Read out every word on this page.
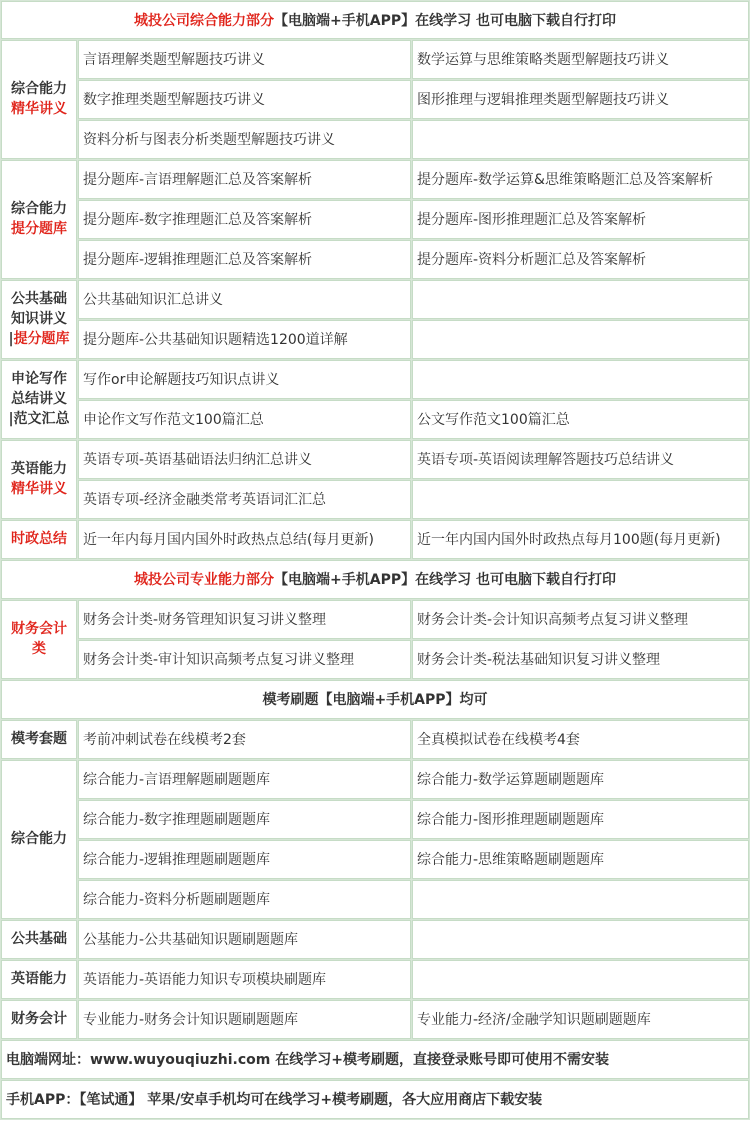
城投公司综合能力部分【电脑端+手机APP】在线学习 也可电脑下载自行打印		
综合能力
精华讲义	言语理解类题型解题技巧讲义	数学运算与思维策略类题型解题技巧讲义
	数字推理类题型解题技巧讲义	图形推理与逻辑推理类题型解题技巧讲义
	资料分析与图表分析类题型解题技巧讲义	
综合能力
提分题库	提分题库-言语理解题汇总及答案解析	提分题库-数学运算&思维策略题汇总及答案解析
	提分题库-数字推理题汇总及答案解析	提分题库-图形推理题汇总及答案解析
	提分题库-逻辑推理题汇总及答案解析	提分题库-资料分析题汇总及答案解析
公共基础
知识讲义
|提分题库	公共基础知识汇总讲义	
	提分题库-公共基础知识题精选1200道详解	
申论写作
总结讲义
|范文汇总	写作or申论解题技巧知识点讲义	
	申论作文写作范文100篇汇总	公文写作范文100篇汇总
英语能力
精华讲义	英语专项-英语基础语法归纳汇总讲义	英语专项-英语阅读理解答题技巧总结讲义
	英语专项-经济金融类常考英语词汇汇总	
时政总结	近一年内每月国内国外时政热点总结(每月更新)	近一年内国内国外时政热点每月100题(每月更新)
城投公司专业能力部分【电脑端+手机APP】在线学习 也可电脑下载自行打印		
财务会计
类	财务会计类-财务管理知识复习讲义整理	财务会计类-会计知识高频考点复习讲义整理
	财务会计类-审计知识高频考点复习讲义整理	财务会计类-税法基础知识复习讲义整理
模考刷题【电脑端+手机APP】均可		
模考套题	考前冲刺试卷在线模考2套	全真模拟试卷在线模考4套
综合能力	综合能力-言语理解题刷题题库	综合能力-数学运算题刷题题库
	综合能力-数字推理题刷题题库	综合能力-图形推理题刷题题库
	综合能力-逻辑推理题刷题题库	综合能力-思维策略题刷题题库
	综合能力-资料分析题刷题题库	
公共基础	公基能力-公共基础知识题刷题题库	
英语能力	英语能力-英语能力知识专项模块刷题库	
财务会计	专业能力-财务会计知识题刷题题库	专业能力-经济/金融学知识题刷题题库
电脑端网址：www.wuyouqiuzhi.com 在线学习+模考刷题，直接登录账号即可使用不需安装		
手机APP：【笔试通】 苹果/安卓手机均可在线学习+模考刷题，各大应用商店下载安装		
